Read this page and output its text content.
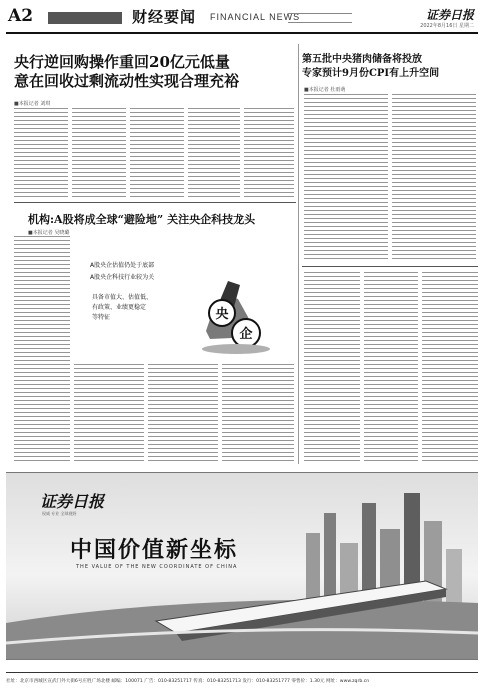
A2	财经要闻 FINANCIAL NEWS	证券日报
2022年8月16日 星期二
央行逆回购操作重回20亿元低量
意在回收过剩流动性实现合理充裕
■本报记者 刘琪
第五批中央猪肉储备将投放
专家预计9月份CPI有上升空间
■本报记者 杜雨萌
机构:A股将成全球“避险地” 关注央企科技龙头
■本报记者 吴晓璐
A股央企估值仍处于底部
A股央企科技行业较为关
具备市值大、估值低、
有政策、业绩更稳定
等特征	央
企
证券日报
权威 专业 全球视野
中国价值新坐标
THE VALUE OF THE NEW COORDINATE OF CHINA
社址：北京市西城区宣武门外大街6号庄胜广场北楼 邮编：100071 广告：010-83251717 传真：010-83251713 发行：010-83251777 零售价：1.30元 网址：www.zqrb.cn
